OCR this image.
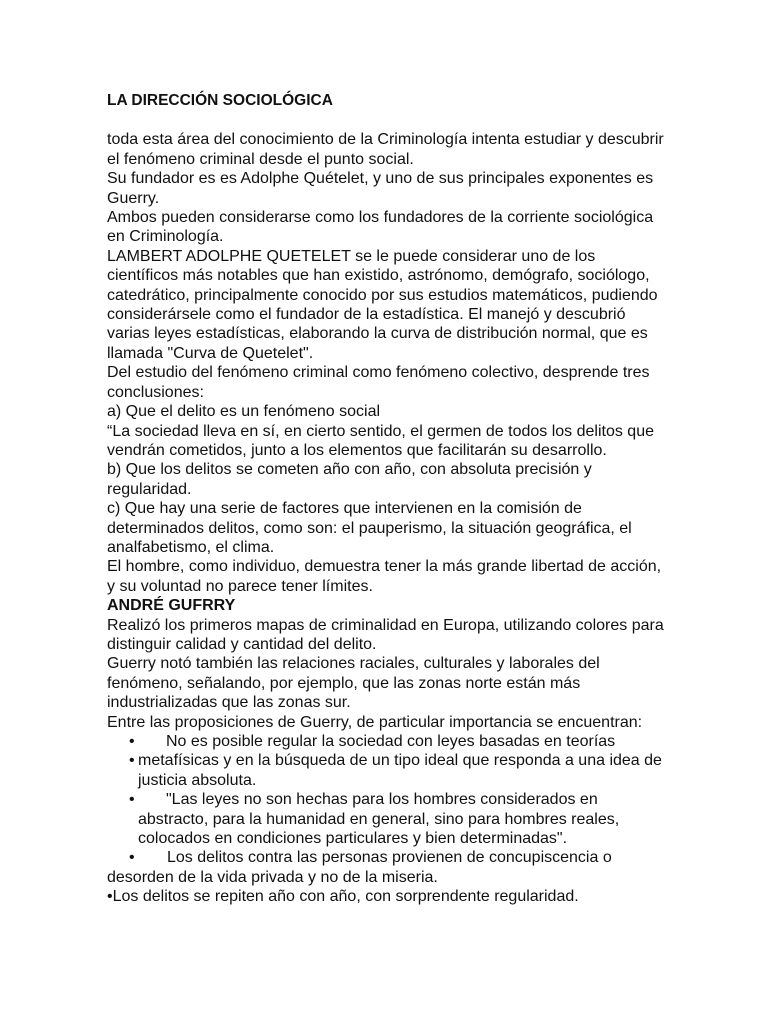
LA DIRECCIÓN SOCIOLÓGICA

toda esta área del conocimiento de la Criminología intenta estudiar y descubrir el fenómeno criminal desde el punto social.

Su fundador es es Adolphe Quételet, y uno de sus principales exponentes es Guerry.

Ambos pueden considerarse como los fundadores de la corriente sociológica en Criminología.

LAMBERT ADOLPHE QUETELET se le puede considerar uno de los científicos más notables que han existido, astrónomo, demógrafo, sociólogo, catedrático, principalmente conocido por sus estudios matemáticos, pudiendo considerársele como el fundador de la estadística. El manejó y descubrió varias leyes estadísticas, elaborando la curva de distribución normal, que es llamada "Curva de Quetelet".

Del estudio del fenómeno criminal como fenómeno colectivo, desprende tres conclusiones:

a) Que el delito es un fenómeno social

“La sociedad lleva en sí, en cierto sentido, el germen de todos los delitos que vendrán cometidos, junto a los elementos que facilitarán su desarrollo.

b) Que los delitos se cometen año con año, con absoluta precisión y regularidad.

c) Que hay una serie de factores que intervienen en la comisión de determinados delitos, como son: el pauperismo, la situación geográfica, el analfabetismo, el clima.

El hombre, como individuo, demuestra tener la más grande libertad de acción, y su voluntad no parece tener límites.

ANDRÉ GUFRRY

Realizó los primeros mapas de criminalidad en Europa, utilizando colores para distinguir calidad y cantidad del delito.

Guerry notó también las relaciones raciales, culturales y laborales del fenómeno, señalando, por ejemplo, que las zonas norte están más industrializadas que las zonas sur.

Entre las proposiciones de Guerry, de particular importancia se encuentran:

• No es posible regular la sociedad con leyes basadas en teorías
• metafísicas y en la búsqueda de un tipo ideal que responda a una idea de justicia absoluta.
• "Las leyes no son hechas para los hombres considerados en abstracto, para la humanidad en general, sino para hombres reales, colocados en condiciones particulares y bien determinadas".

• Los delitos contra las personas provienen de concupiscencia o desorden de la vida privada y no de la miseria.

•Los delitos se repiten año con año, con sorprendente regularidad.
